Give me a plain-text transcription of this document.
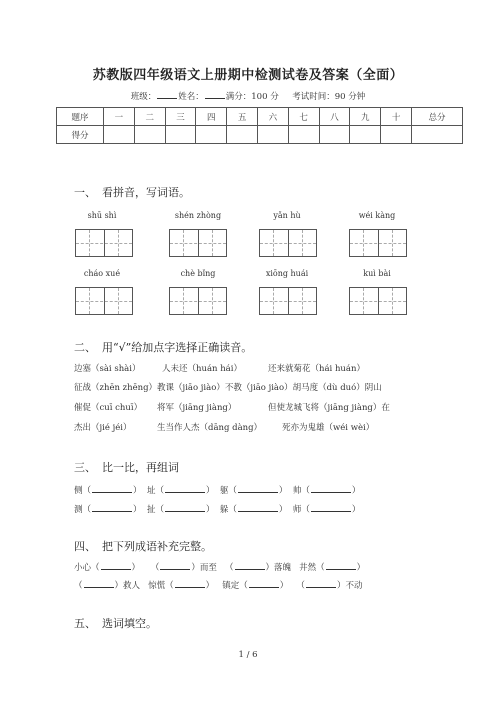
苏教版四年级语文上册期中检测试卷及答案（全面）
班级：	姓名：	满分：100 分 考试时间：90 分钟
题序	一	二	三	四	五	六	七	八	九	十	总分
得分											
一、 看拼音，写词语。
shū shì	shén zhòng	yǎn hù	wéi kàng
cháo xué	chè bǐng	xiōng huái	kuì bài
二、 用“√”给加点字选择正确读音。
边塞（sài shài）	人未还（huán hái）	还来就菊花（hái huán）
征战（zhēn zhēng）教课（jiāo jiào）不教（jiāo jiào）胡马度（dù duó）阴山
催促（cuī chuī） 将军（jiāng jiàng）	但使龙城飞将（jiāng jiàng）在
杰出（jié jéi）	生当作人杰（dāng dàng） 死亦为鬼雄（wéi wèi）
三、 比一比，再组词
侧（	） 址（	） 躯（	） 帅（	）
测（	） 扯（	） 躲（	） 师（	）
四、 把下列成语补充完整。
小心（	） （	）而至 （	）落魄 井然（	）
（	）救人 惊慌（	） 镇定（	） （	）不动
五、 选词填空。
1 / 6
